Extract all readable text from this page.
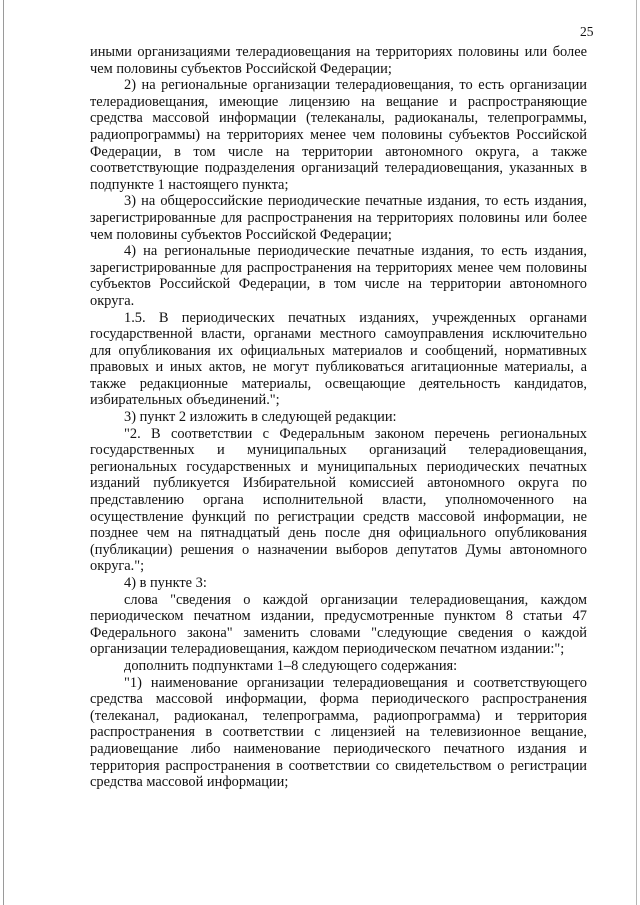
25

иными организациями телерадиовещания на территориях половины или более чем половины субъектов Российской Федерации;

2) на региональные организации телерадиовещания, то есть организации телерадиовещания, имеющие лицензию на вещание и распространяющие средства массовой информации (телеканалы, радиоканалы, телепрограммы, радиопрограммы) на территориях менее чем половины субъектов Российской Федерации, в том числе на территории автономного округа, а также соответствующие подразделения организаций телерадиовещания, указанных в подпункте 1 настоящего пункта;

3) на общероссийские периодические печатные издания, то есть издания, зарегистрированные для распространения на территориях половины или более чем половины субъектов Российской Федерации;

4) на региональные периодические печатные издания, то есть издания, зарегистрированные для распространения на территориях менее чем половины субъектов Российской Федерации, в том числе на территории автономного округа.

1.5. В периодических печатных изданиях, учрежденных органами государственной власти, органами местного самоуправления исключительно для опубликования их официальных материалов и сообщений, нормативных правовых и иных актов, не могут публиковаться агитационные материалы, а также редакционные материалы, освещающие деятельность кандидатов, избирательных объединений.";

3) пункт 2 изложить в следующей редакции:

"2. В соответствии с Федеральным законом перечень региональных государственных и муниципальных организаций телерадиовещания, региональных государственных и муниципальных периодических печатных изданий публикуется Избирательной комиссией автономного округа по представлению органа исполнительной власти, уполномоченного на осуществление функций по регистрации средств массовой информации, не позднее чем на пятнадцатый день после дня официального опубликования (публикации) решения о назначении выборов депутатов Думы автономного округа.";

4) в пункте 3:

слова "сведения о каждой организации телерадиовещания, каждом периодическом печатном издании, предусмотренные пунктом 8 статьи 47 Федерального закона" заменить словами "следующие сведения о каждой организации телерадиовещания, каждом периодическом печатном издании:";

дополнить подпунктами 1–8 следующего содержания:

"1) наименование организации телерадиовещания и соответствующего средства массовой информации, форма периодического распространения (телеканал, радиоканал, телепрограмма, радиопрограмма) и территория распространения в соответствии с лицензией на телевизионное вещание, радиовещание либо наименование периодического печатного издания и территория распространения в соответствии со свидетельством о регистрации средства массовой информации;
